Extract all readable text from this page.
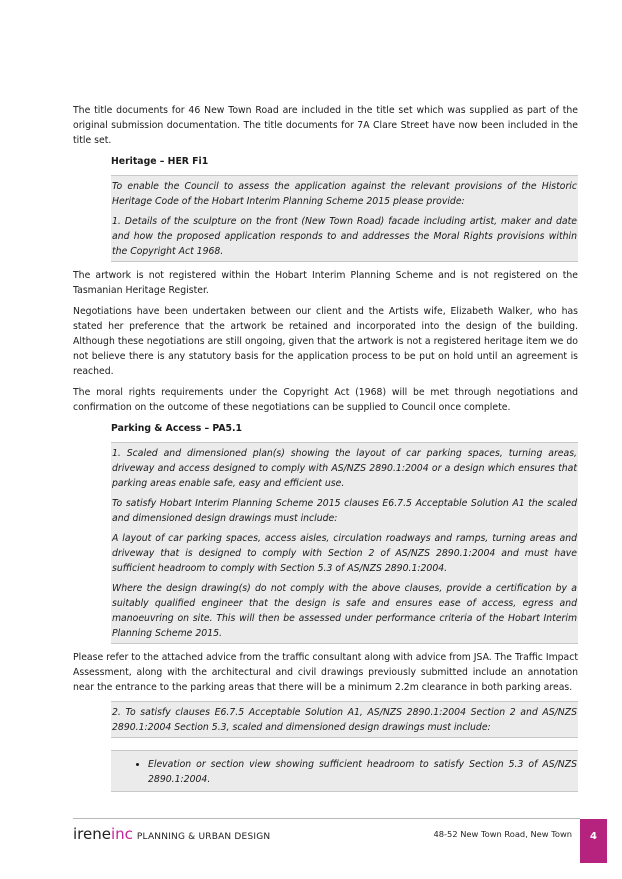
The title documents for 46 New Town Road are included in the title set which was supplied as part of the original submission documentation. The title documents for 7A Clare Street have now been included in the title set.

Heritage – HER Fi1

To enable the Council to assess the application against the relevant provisions of the Historic Heritage Code of the Hobart Interim Planning Scheme 2015 please provide:

1. Details of the sculpture on the front (New Town Road) facade including artist, maker and date and how the proposed application responds to and addresses the Moral Rights provisions within the Copyright Act 1968.

The artwork is not registered within the Hobart Interim Planning Scheme and is not registered on the Tasmanian Heritage Register.

Negotiations have been undertaken between our client and the Artists wife, Elizabeth Walker, who has stated her preference that the artwork be retained and incorporated into the design of the building. Although these negotiations are still ongoing, given that the artwork is not a registered heritage item we do not believe there is any statutory basis for the application process to be put on hold until an agreement is reached.

The moral rights requirements under the Copyright Act (1968) will be met through negotiations and confirmation on the outcome of these negotiations can be supplied to Council once complete.

Parking & Access – PA5.1

1. Scaled and dimensioned plan(s) showing the layout of car parking spaces, turning areas, driveway and access designed to comply with AS/NZS 2890.1:2004 or a design which ensures that parking areas enable safe, easy and efficient use.

To satisfy Hobart Interim Planning Scheme 2015 clauses E6.7.5 Acceptable Solution A1 the scaled and dimensioned design drawings must include:

A layout of car parking spaces, access aisles, circulation roadways and ramps, turning areas and driveway that is designed to comply with Section 2 of AS/NZS 2890.1:2004 and must have sufficient headroom to comply with Section 5.3 of AS/NZS 2890.1:2004.

Where the design drawing(s) do not comply with the above clauses, provide a certification by a suitably qualified engineer that the design is safe and ensures ease of access, egress and manoeuvring on site. This will then be assessed under performance criteria of the Hobart Interim Planning Scheme 2015.

Please refer to the attached advice from the traffic consultant along with advice from JSA. The Traffic Impact Assessment, along with the architectural and civil drawings previously submitted include an annotation near the entrance to the parking areas that there will be a minimum 2.2m clearance in both parking areas.

2. To satisfy clauses E6.7.5 Acceptable Solution A1, AS/NZS 2890.1:2004 Section 2 and AS/NZS 2890.1:2004 Section 5.3, scaled and dimensioned design drawings must include:

• Elevation or section view showing sufficient headroom to satisfy Section 5.3 of AS/NZS 2890.1:2004.
ireneinc PLANNING & URBAN DESIGN	48-52 New Town Road, New Town	4
